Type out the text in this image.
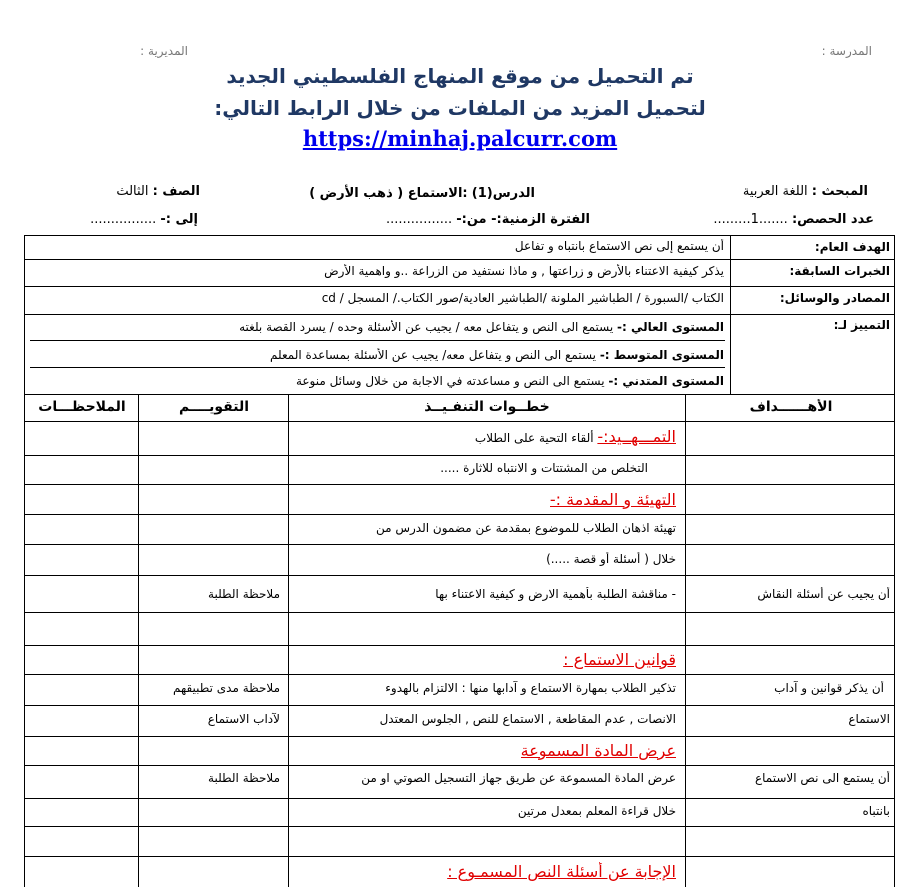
المدرسة :
المديرية :
تم التحميل من موقع المنهاج الفلسطيني الجديد
لتحميل المزيد من الملفات من خلال الرابط التالي:
https://minhaj.palcurr.com
المبحث : اللغة العربية
الدرس(1) :الاستماع ( ذهب الأرض )
الصف : الثالث
عدد الحصص: .......1.........
الفترة الزمنية:- من:- ................
إلى :- ................
الهدف العام:
أن يستمع إلى نص الاستماع بانتباه و تفاعل
الخبرات السابقة:
يذكر كيفية الاعتناء بالأرض و زراعتها , و ماذا نستفيد من الزراعة ..و واهمية الأرض
المصادر والوسائل:
الكتاب /السبورة / الطباشير الملونة /الطباشير العادية/صور الكتاب./ المسجل / cd
التمييز لـ:
المستوى العالي :- يستمع الى النص و يتفاعل معه / يجيب عن الأسئلة وحده / يسرد القصة بلغته
المستوى المتوسط :- يستمع الى النص و يتفاعل معه/ يجيب عن الأسئلة بمساعدة المعلم
المستوى المتدني :- يستمع الى النص و مساعدته في الاجابة من خلال وسائل منوعة
الأهــــــداف
خطــوات التنفـيــذ
التقويــــم
الملاحظـــات
التمـــهــيد:- ألقاء التحية على الطلاب
التخلص من المشتتات و الانتباه للاثارة .....
التهيئة و المقدمة :-
تهيئة اذهان الطلاب للموضوع بمقدمة عن مضمون الدرس من
خلال ( أسئلة أو قصة .....)
أن يجيب عن أسئلة النقاش
- مناقشة الطلبة بأهمية الارض و كيفية الاعتناء بها
ملاحظة الطلبة
قوانين الاستماع :
أن يذكر قوانين و آداب
تذكير الطلاب بمهارة الاستماع و آدابها منها : الالتزام بالهدوء
ملاحظة مدى تطبيقهم
الاستماع
الانصات , عدم المقاطعة , الاستماع للنص , الجلوس المعتدل
لآداب الاستماع
عرض المادة المسموعة
أن يستمع الى نص الاستماع
عرض المادة المسموعة عن طريق جهاز التسجيل الصوتي او من
ملاحظة الطلبة
بانتباه
خلال قراءة المعلم بمعدل مرتين
الإجابة عن أسئلة النص المسمـوع :
